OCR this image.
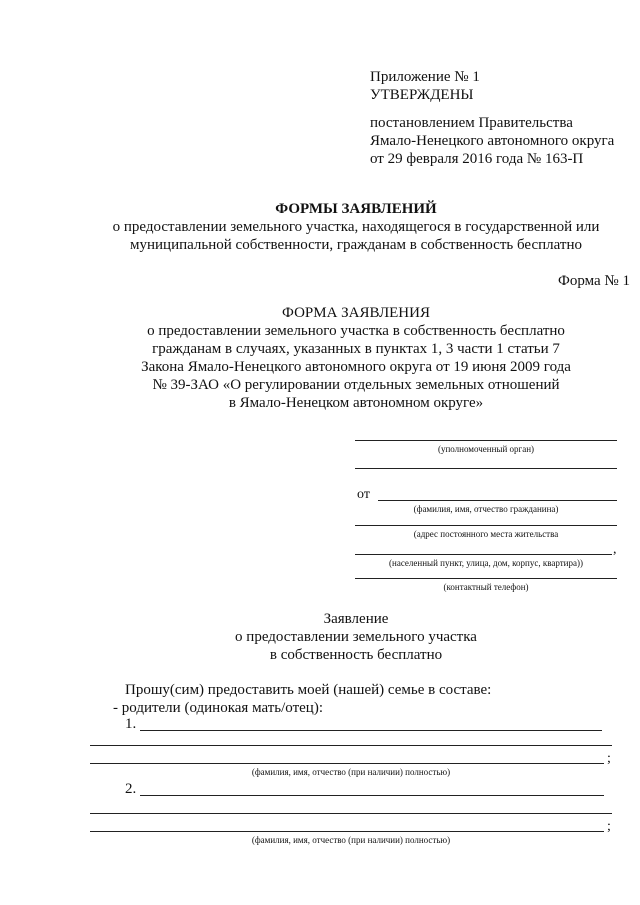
Приложение № 1
УТВЕРЖДЕНЫ
постановлением Правительства
Ямало-Ненецкого автономного округа
от 29 февраля 2016 года № 163-П
ФОРМЫ ЗАЯВЛЕНИЙ
о предоставлении земельного участка, находящегося в государственной или
муниципальной собственности, гражданам в собственность бесплатно
Форма № 1
ФОРМА ЗАЯВЛЕНИЯ
о предоставлении земельного участка в собственность бесплатно
гражданам в случаях, указанных в пунктах 1, 3 части 1 статьи 7
Закона Ямало-Ненецкого автономного округа от 19 июня 2009 года
№ 39-ЗАО «О регулировании отдельных земельных отношений
в Ямало-Ненецком автономном округе»
(уполномоченный орган)
от
(фамилия, имя, отчество гражданина)
(адрес постоянного места жительства
,
(населенный пункт, улица, дом, корпус, квартира))
(контактный телефон)
Заявление
о предоставлении земельного участка
в собственность бесплатно
Прошу(сим) предоставить моей (нашей) семье в составе:
- родители (одинокая мать/отец):
1.
;
(фамилия, имя, отчество (при наличии) полностью)
2.
;
(фамилия, имя, отчество (при наличии) полностью)
